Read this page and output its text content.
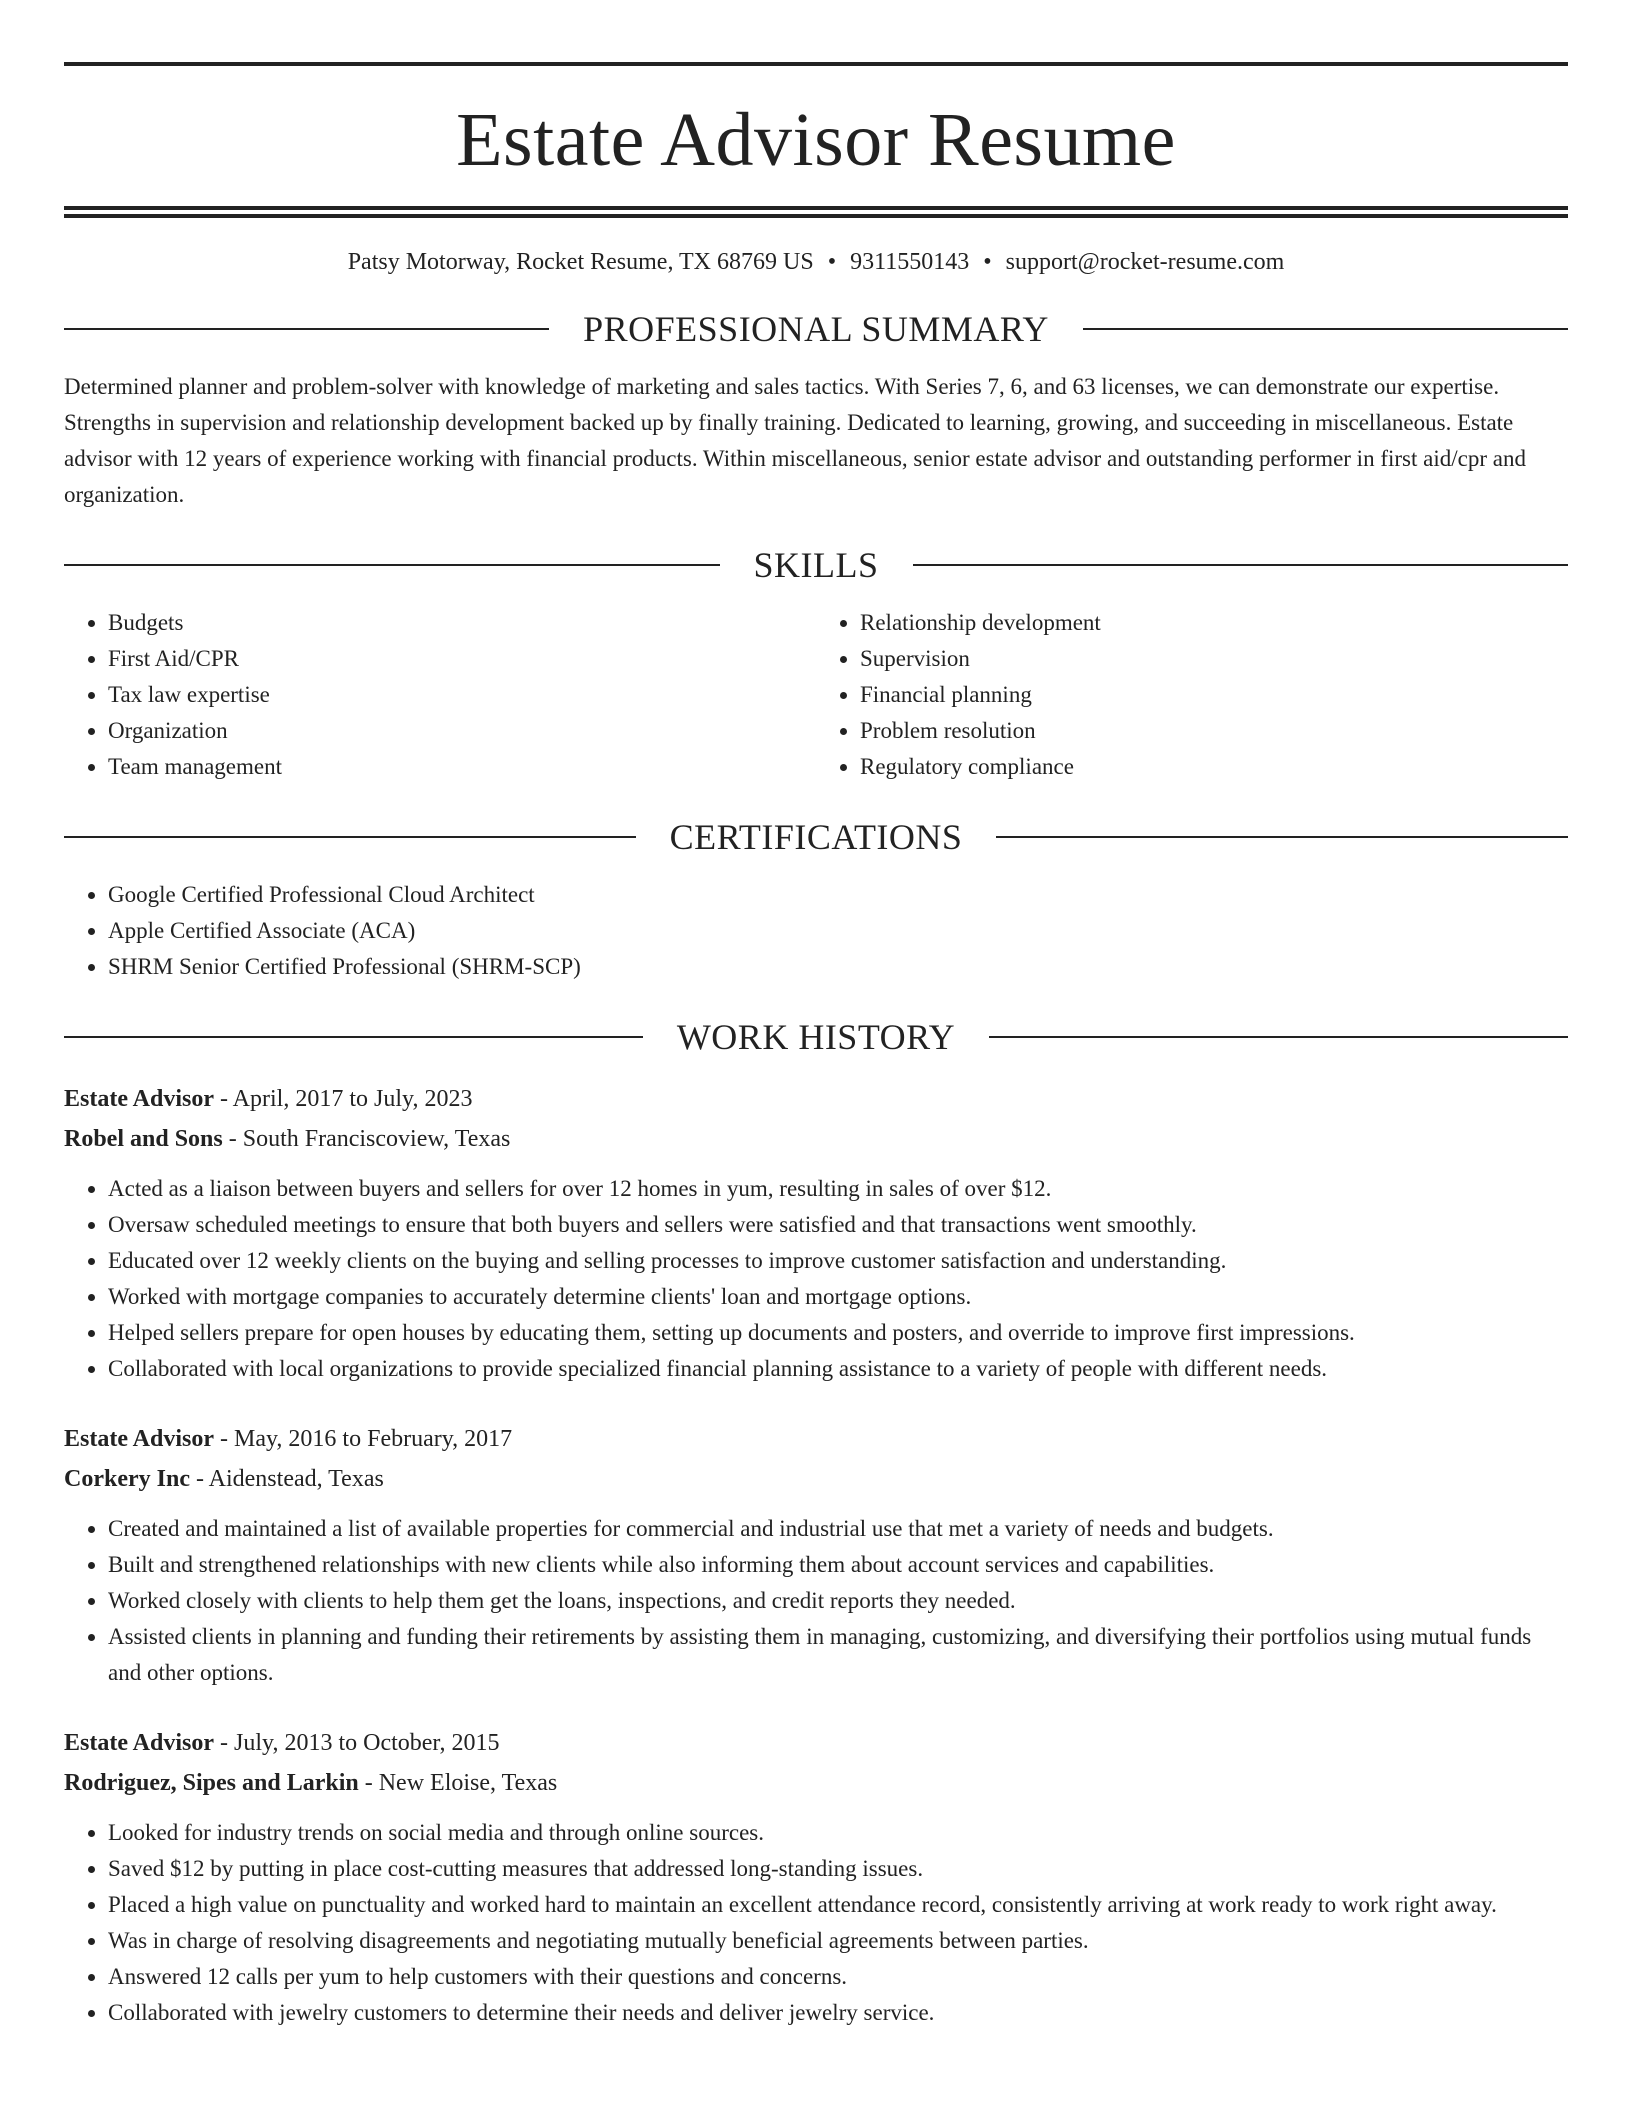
Estate Advisor Resume
Patsy Motorway, Rocket Resume, TX 68769 US • 9311550143 • support@rocket-resume.com
PROFESSIONAL SUMMARY

Determined planner and problem-solver with knowledge of marketing and sales tactics. With Series 7, 6, and 63 licenses, we can demonstrate our expertise. Strengths in supervision and relationship development backed up by finally training. Dedicated to learning, growing, and succeeding in miscellaneous. Estate advisor with 12 years of experience working with financial products. Within miscellaneous, senior estate advisor and outstanding performer in first aid/cpr and organization.

SKILLS
• Budgets
• First Aid/CPR
• Tax law expertise
• Organization
• Team management
• Relationship development
• Supervision
• Financial planning
• Problem resolution
• Regulatory compliance
CERTIFICATIONS
• Google Certified Professional Cloud Architect
• Apple Certified Associate (ACA)
• SHRM Senior Certified Professional (SHRM-SCP)
WORK HISTORY
Estate Advisor - April, 2017 to July, 2023
Robel and Sons - South Franciscoview, Texas
• Acted as a liaison between buyers and sellers for over 12 homes in yum, resulting in sales of over $12.
• Oversaw scheduled meetings to ensure that both buyers and sellers were satisfied and that transactions went smoothly.
• Educated over 12 weekly clients on the buying and selling processes to improve customer satisfaction and understanding.
• Worked with mortgage companies to accurately determine clients' loan and mortgage options.
• Helped sellers prepare for open houses by educating them, setting up documents and posters, and override to improve first impressions.
• Collaborated with local organizations to provide specialized financial planning assistance to a variety of people with different needs.
Estate Advisor - May, 2016 to February, 2017
Corkery Inc - Aidenstead, Texas
• Created and maintained a list of available properties for commercial and industrial use that met a variety of needs and budgets.
• Built and strengthened relationships with new clients while also informing them about account services and capabilities.
• Worked closely with clients to help them get the loans, inspections, and credit reports they needed.
• Assisted clients in planning and funding their retirements by assisting them in managing, customizing, and diversifying their portfolios using mutual funds and other options.
Estate Advisor - July, 2013 to October, 2015
Rodriguez, Sipes and Larkin - New Eloise, Texas
• Looked for industry trends on social media and through online sources.
• Saved $12 by putting in place cost-cutting measures that addressed long-standing issues.
• Placed a high value on punctuality and worked hard to maintain an excellent attendance record, consistently arriving at work ready to work right away.
• Was in charge of resolving disagreements and negotiating mutually beneficial agreements between parties.
• Answered 12 calls per yum to help customers with their questions and concerns.
• Collaborated with jewelry customers to determine their needs and deliver jewelry service.
